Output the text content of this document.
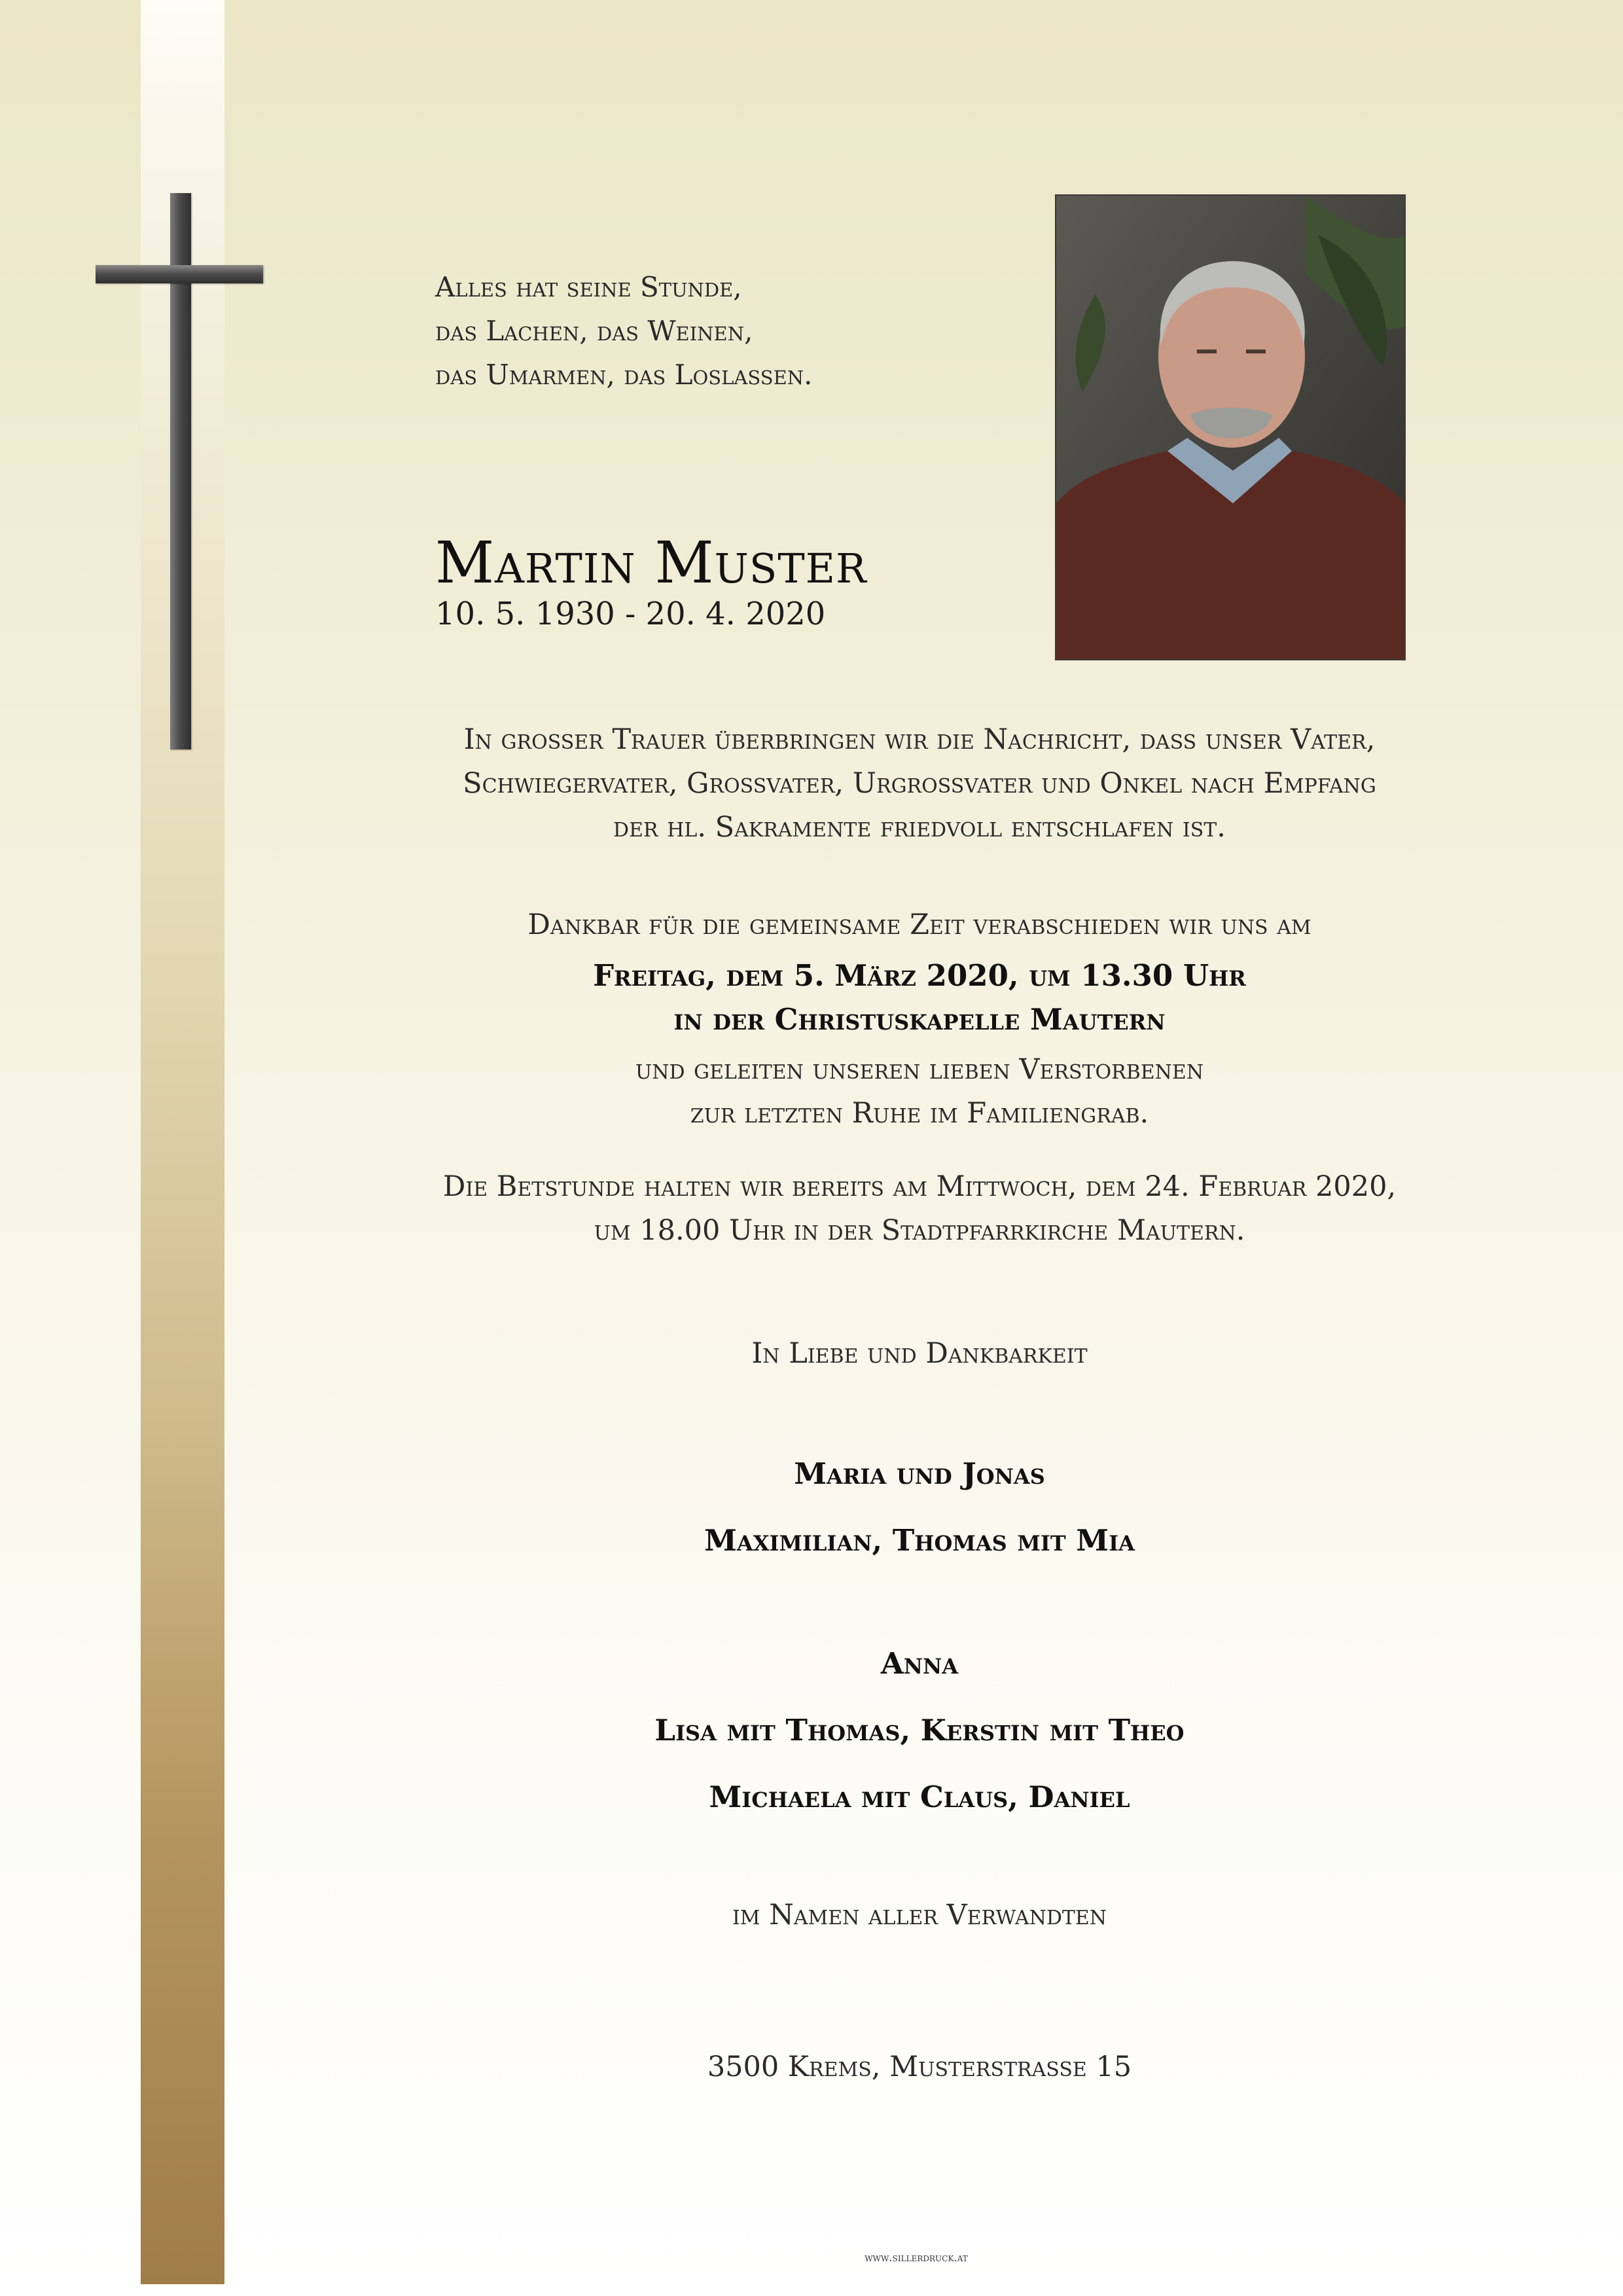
Alles hat seine Stunde,
das Lachen, das Weinen,
das Umarmen, das Loslassen.
Martin Muster
10. 5. 1930 - 20. 4. 2020
In grosser Trauer überbringen wir die Nachricht, dass unser Vater,
Schwiegervater, Grossvater, Urgrossvater und Onkel nach Empfang
der hl. Sakramente friedvoll entschlafen ist.
Dankbar für die gemeinsame Zeit verabschieden wir uns am
Freitag, dem 5. März 2020, um 13.30 Uhr
in der Christuskapelle Mautern
und geleiten unseren lieben Verstorbenen
zur letzten Ruhe im Familiengrab.
Die Betstunde halten wir bereits am Mittwoch, dem 24. Februar 2020,
um 18.00 Uhr in der Stadtpfarrkirche Mautern.
In Liebe und Dankbarkeit
Maria und Jonas
Maximilian, Thomas mit Mia
Anna
Lisa mit Thomas, Kerstin mit Theo
Michaela mit Claus, Daniel
im Namen aller Verwandten
3500 Krems, Musterstrasse 15
www.sillerdruck.at
